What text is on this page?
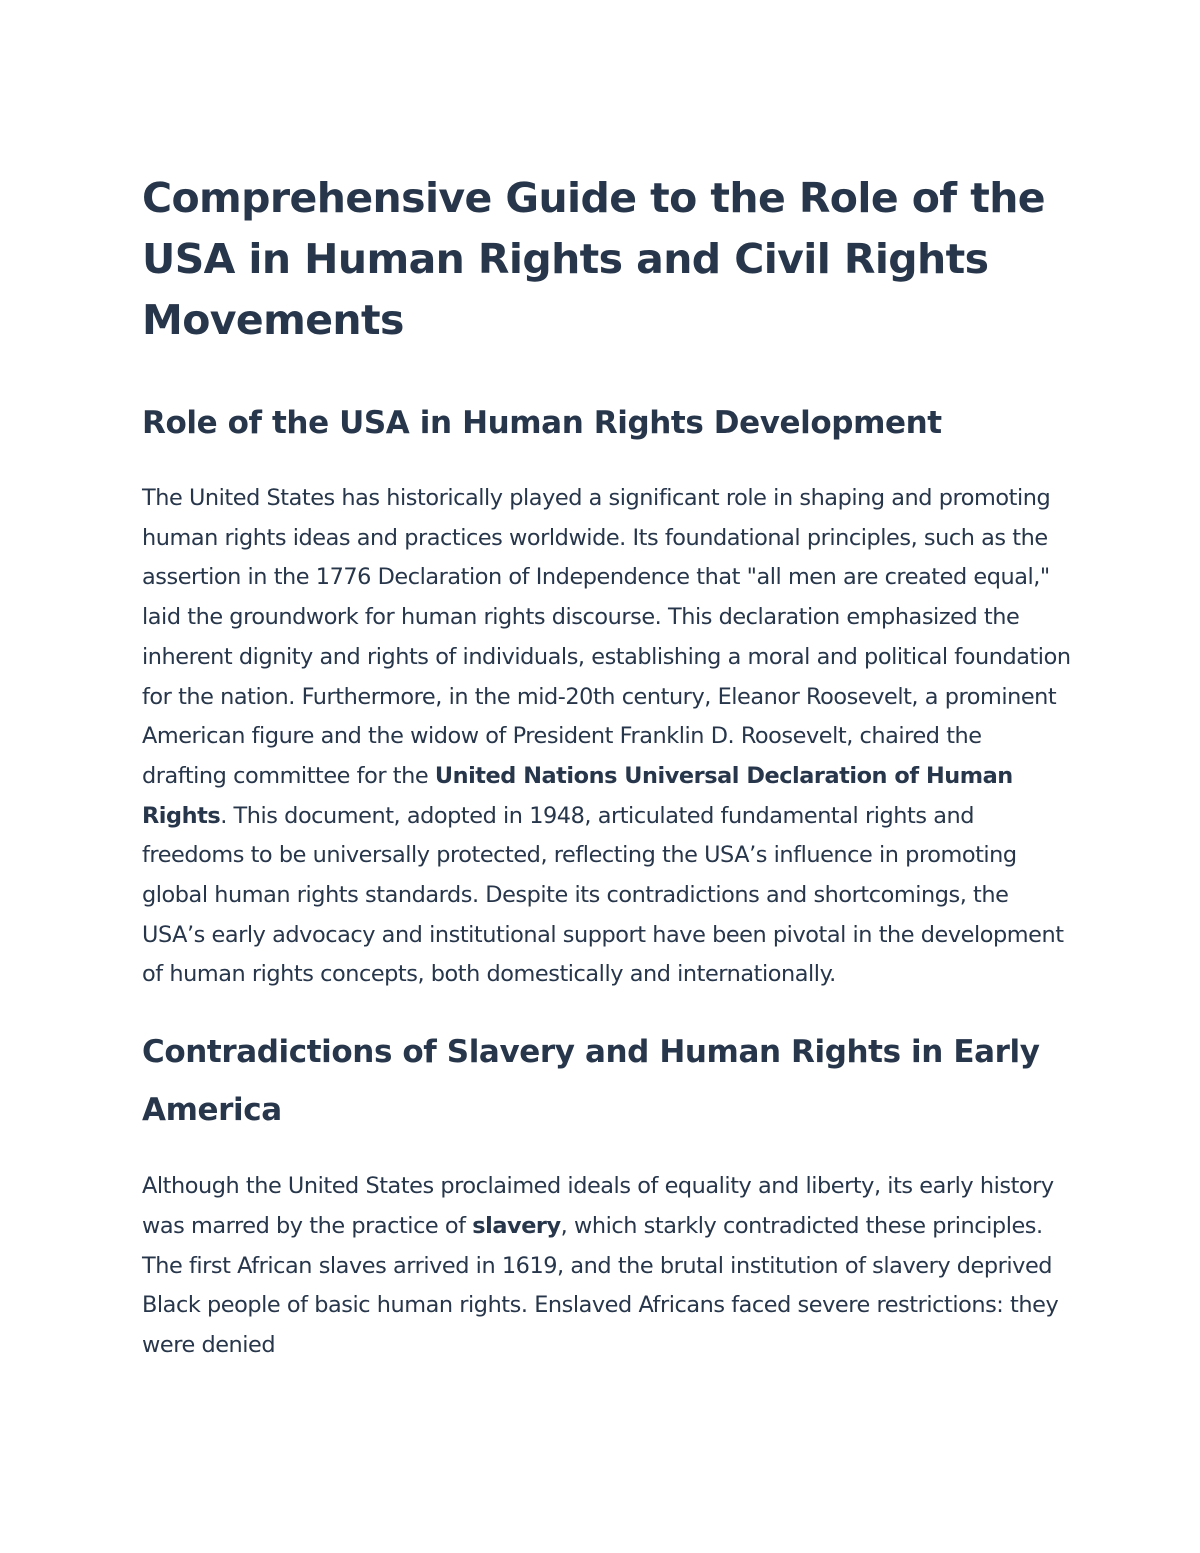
Comprehensive Guide to the Role of the USA in Human Rights and Civil Rights Movements
Role of the USA in Human Rights Development

The United States has historically played a significant role in shaping and promoting human rights ideas and practices worldwide. Its foundational principles, such as the assertion in the 1776 Declaration of Independence that "all men are created equal," laid the groundwork for human rights discourse. This declaration emphasized the inherent dignity and rights of individuals, establishing a moral and political foundation for the nation. Furthermore, in the mid-20th century, Eleanor Roosevelt, a prominent American figure and the widow of President Franklin D. Roosevelt, chaired the drafting committee for the United Nations Universal Declaration of Human Rights. This document, adopted in 1948, articulated fundamental rights and freedoms to be universally protected, reflecting the USA’s influence in promoting global human rights standards. Despite its contradictions and shortcomings, the USA’s early advocacy and institutional support have been pivotal in the development of human rights concepts, both domestically and internationally.

Contradictions of Slavery and Human Rights in Early America

Although the United States proclaimed ideals of equality and liberty, its early history was marred by the practice of slavery, which starkly contradicted these principles. The first African slaves arrived in 1619, and the brutal institution of slavery deprived Black people of basic human rights. Enslaved Africans faced severe restrictions: they were denied
